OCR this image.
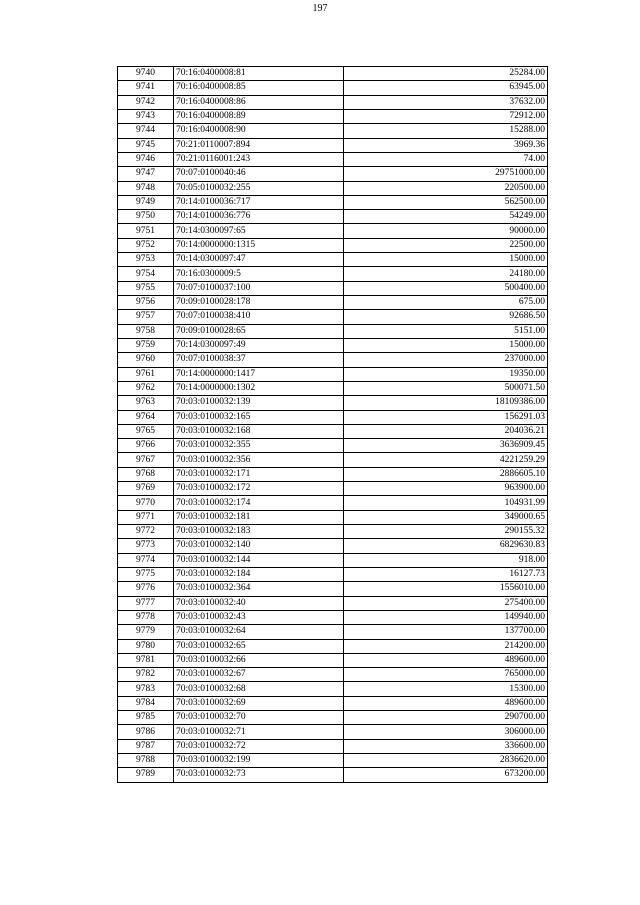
197
9740	70:16:0400008:81	25284.00
9741	70:16:0400008:85	63945.00
9742	70:16:0400008:86	37632.00
9743	70:16:0400008:89	72912.00
9744	70:16:0400008:90	15288.00
9745	70:21:0110007:894	3969.36
9746	70:21:0116001:243	74.00
9747	70:07:0100040:46	29751000.00
9748	70:05:0100032:255	220500.00
9749	70:14:0100036:717	562500.00
9750	70:14:0100036:776	54249.00
9751	70:14:0300097:65	90000.00
9752	70:14:0000000:1315	22500.00
9753	70:14:0300097:47	15000.00
9754	70:16:0300009:5	24180.00
9755	70:07:0100037:100	500400.00
9756	70:09:0100028:178	675.00
9757	70:07:0100038:410	92686.50
9758	70:09:0100028:65	5151.00
9759	70:14:0300097:49	15000.00
9760	70:07:0100038:37	237000.00
9761	70:14:0000000:1417	19350.00
9762	70:14:0000000:1302	500071.50
9763	70:03:0100032:139	18109386.00
9764	70:03:0100032:165	156291.03
9765	70:03:0100032:168	204036.21
9766	70:03:0100032:355	3636909.45
9767	70:03:0100032:356	4221259.29
9768	70:03:0100032:171	2886605.10
9769	70:03:0100032:172	963900.00
9770	70:03:0100032:174	104931.99
9771	70:03:0100032:181	349000.65
9772	70:03:0100032:183	290155.32
9773	70:03:0100032:140	6829630.83
9774	70:03:0100032:144	918.00
9775	70:03:0100032:184	16127.73
9776	70:03:0100032:364	1556010.00
9777	70:03:0100032:40	275400.00
9778	70:03:0100032:43	149940.00
9779	70:03:0100032:64	137700.00
9780	70:03:0100032:65	214200.00
9781	70:03:0100032:66	489600.00
9782	70:03:0100032:67	765000.00
9783	70:03:0100032:68	15300.00
9784	70:03:0100032:69	489600.00
9785	70:03:0100032:70	290700.00
9786	70:03:0100032:71	306000.00
9787	70:03:0100032:72	336600.00
9788	70:03:0100032:199	2836620.00
9789	70:03:0100032:73	673200.00
